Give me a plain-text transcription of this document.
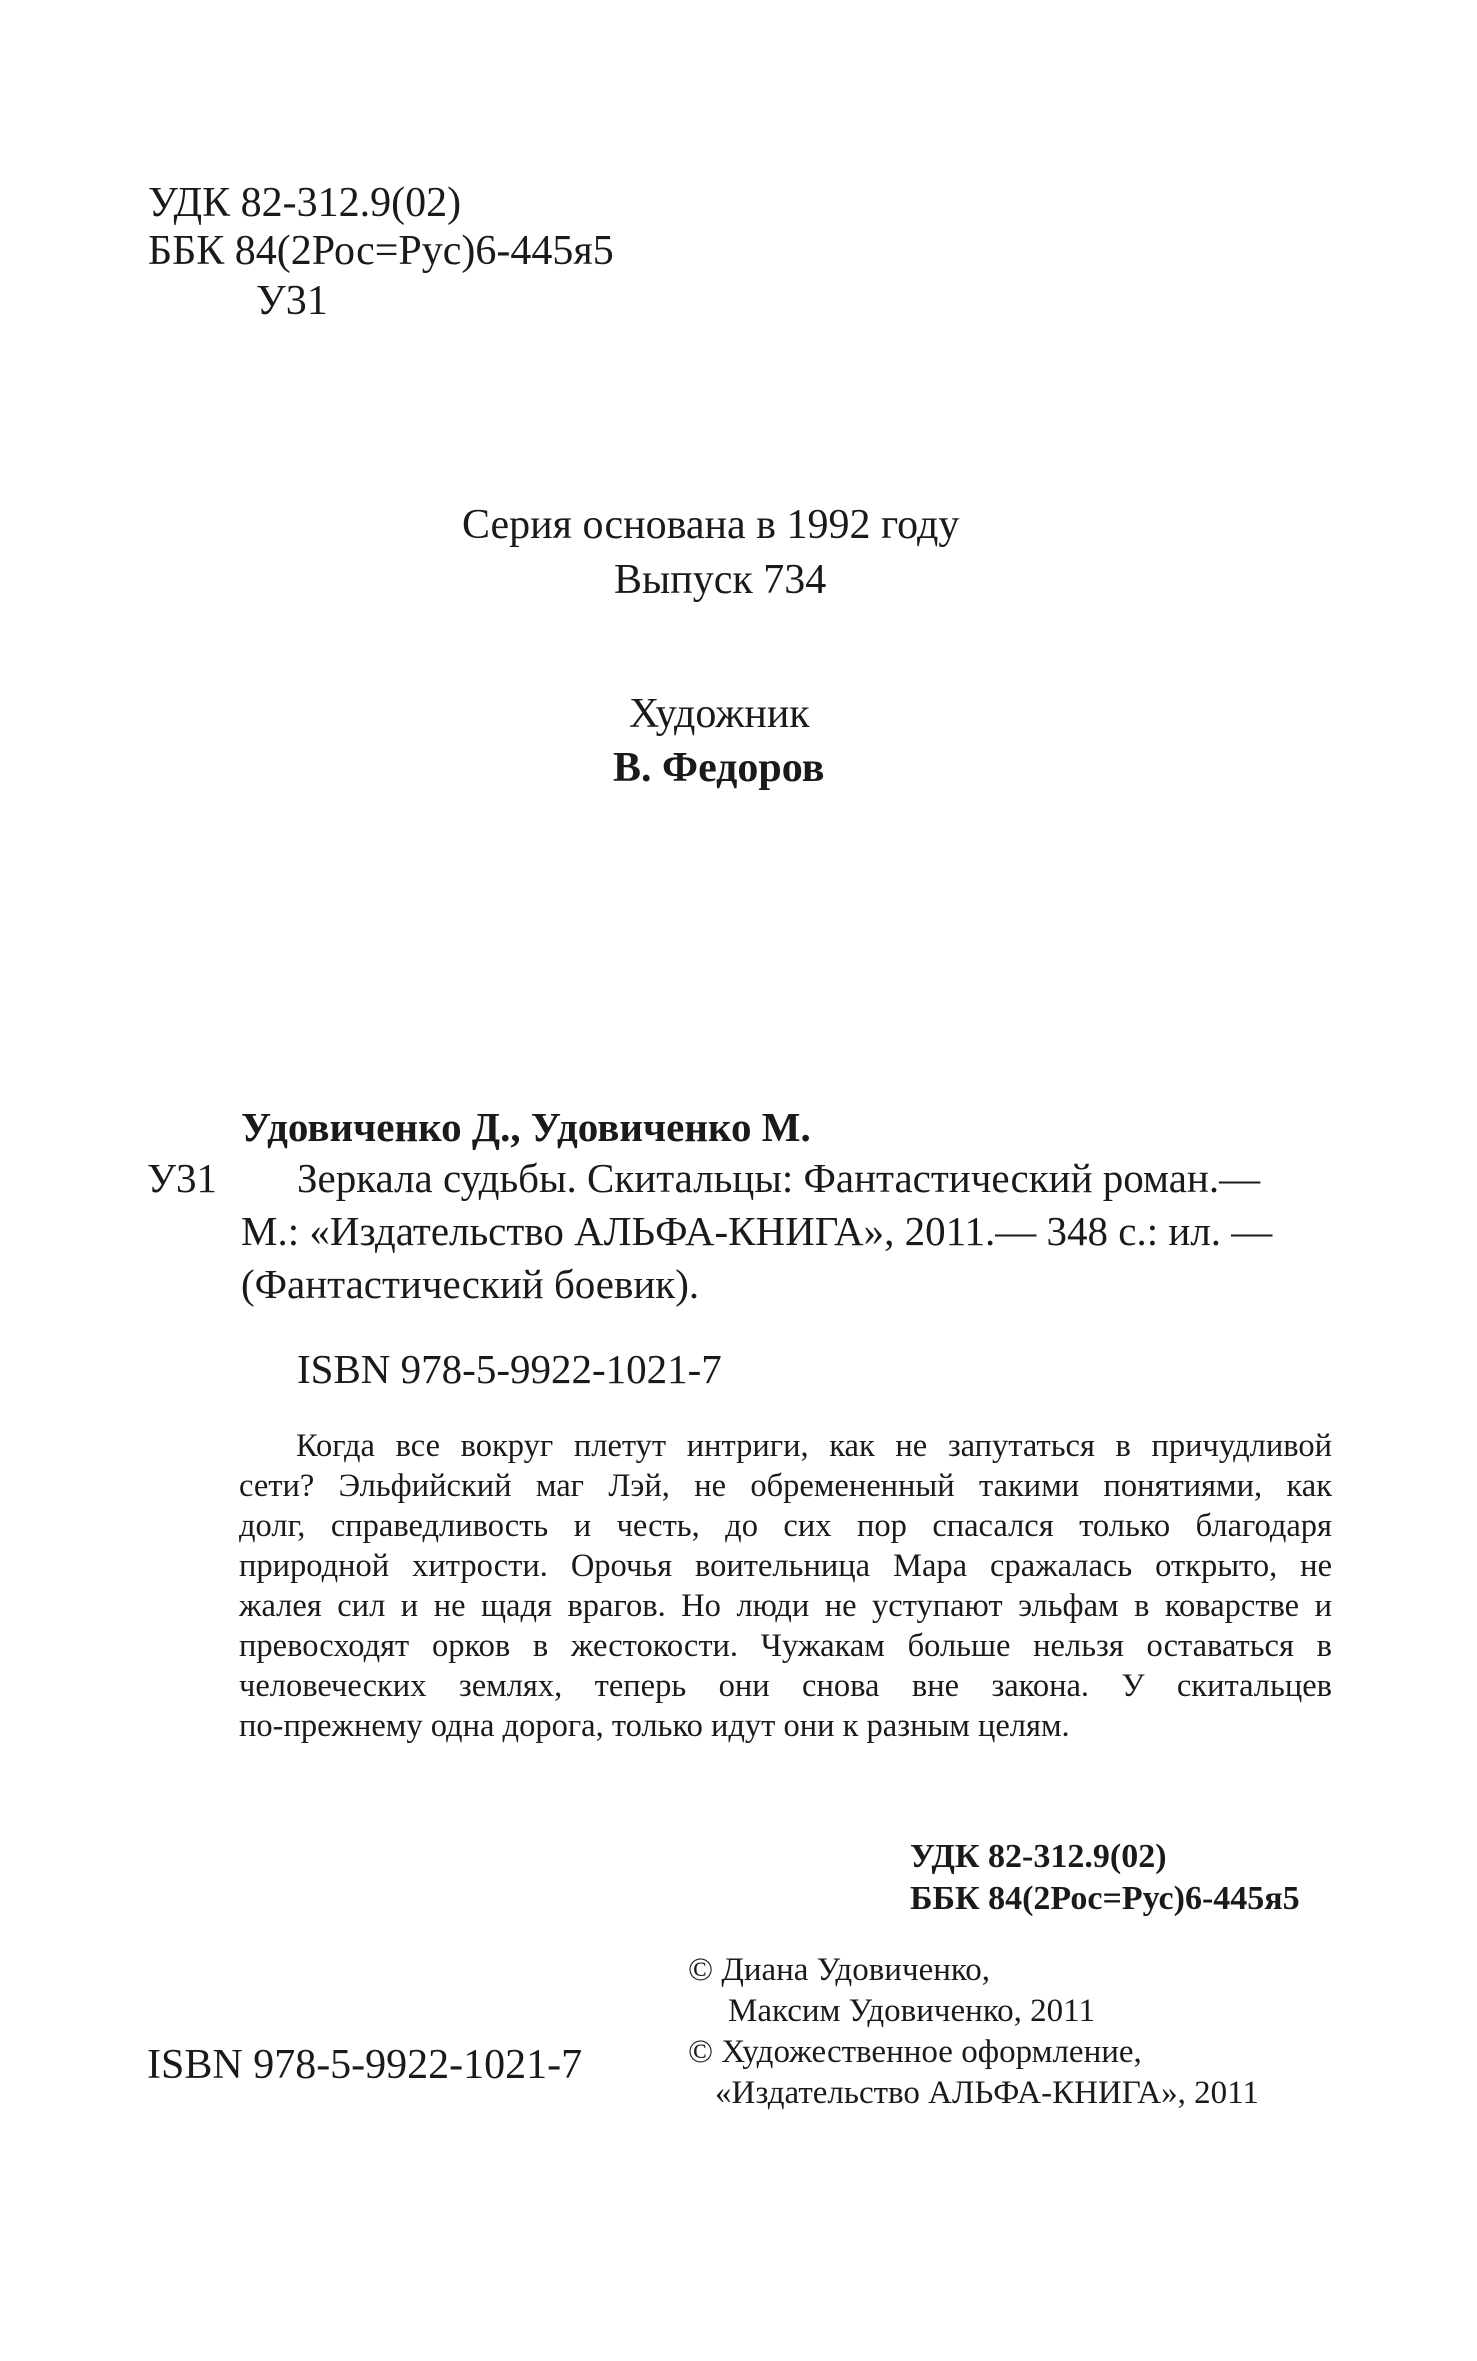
УДК 82-312.9(02)
ББК 84(2Рос=Рус)6-445я5
У31
Серия основана в 1992 году
Выпуск 734
Художник
В. Федоров
Удовиченко Д., Удовиченко М.
У31 Зеркала судьбы. Скитальцы: Фантастический роман.—
М.: «Издательство АЛЬФА-КНИГА», 2011.— 348 с.: ил. —
(Фантастический боевик).
ISBN 978-5-9922-1021-7
Когда все вокруг плетут интриги, как не запутаться в причудливой
сети? Эльфийский маг Лэй, не обремененный такими понятиями, как
долг, справедливость и честь, до сих пор спасался только благодаря
природной хитрости. Орочья воительница Мара сражалась открыто, не
жалея сил и не щадя врагов. Но люди не уступают эльфам в коварстве и
превосходят орков в жестокости. Чужакам больше нельзя оставаться в
человеческих землях, теперь они снова вне закона. У скитальцев
по-прежнему одна дорога, только идут они к разным целям.
УДК 82-312.9(02)
ББК 84(2Рос=Рус)6-445я5
© Диана Удовиченко,
Максим Удовиченко, 2011
© Художественное оформление,
«Издательство АЛЬФА-КНИГА», 2011
ISBN 978-5-9922-1021-7
